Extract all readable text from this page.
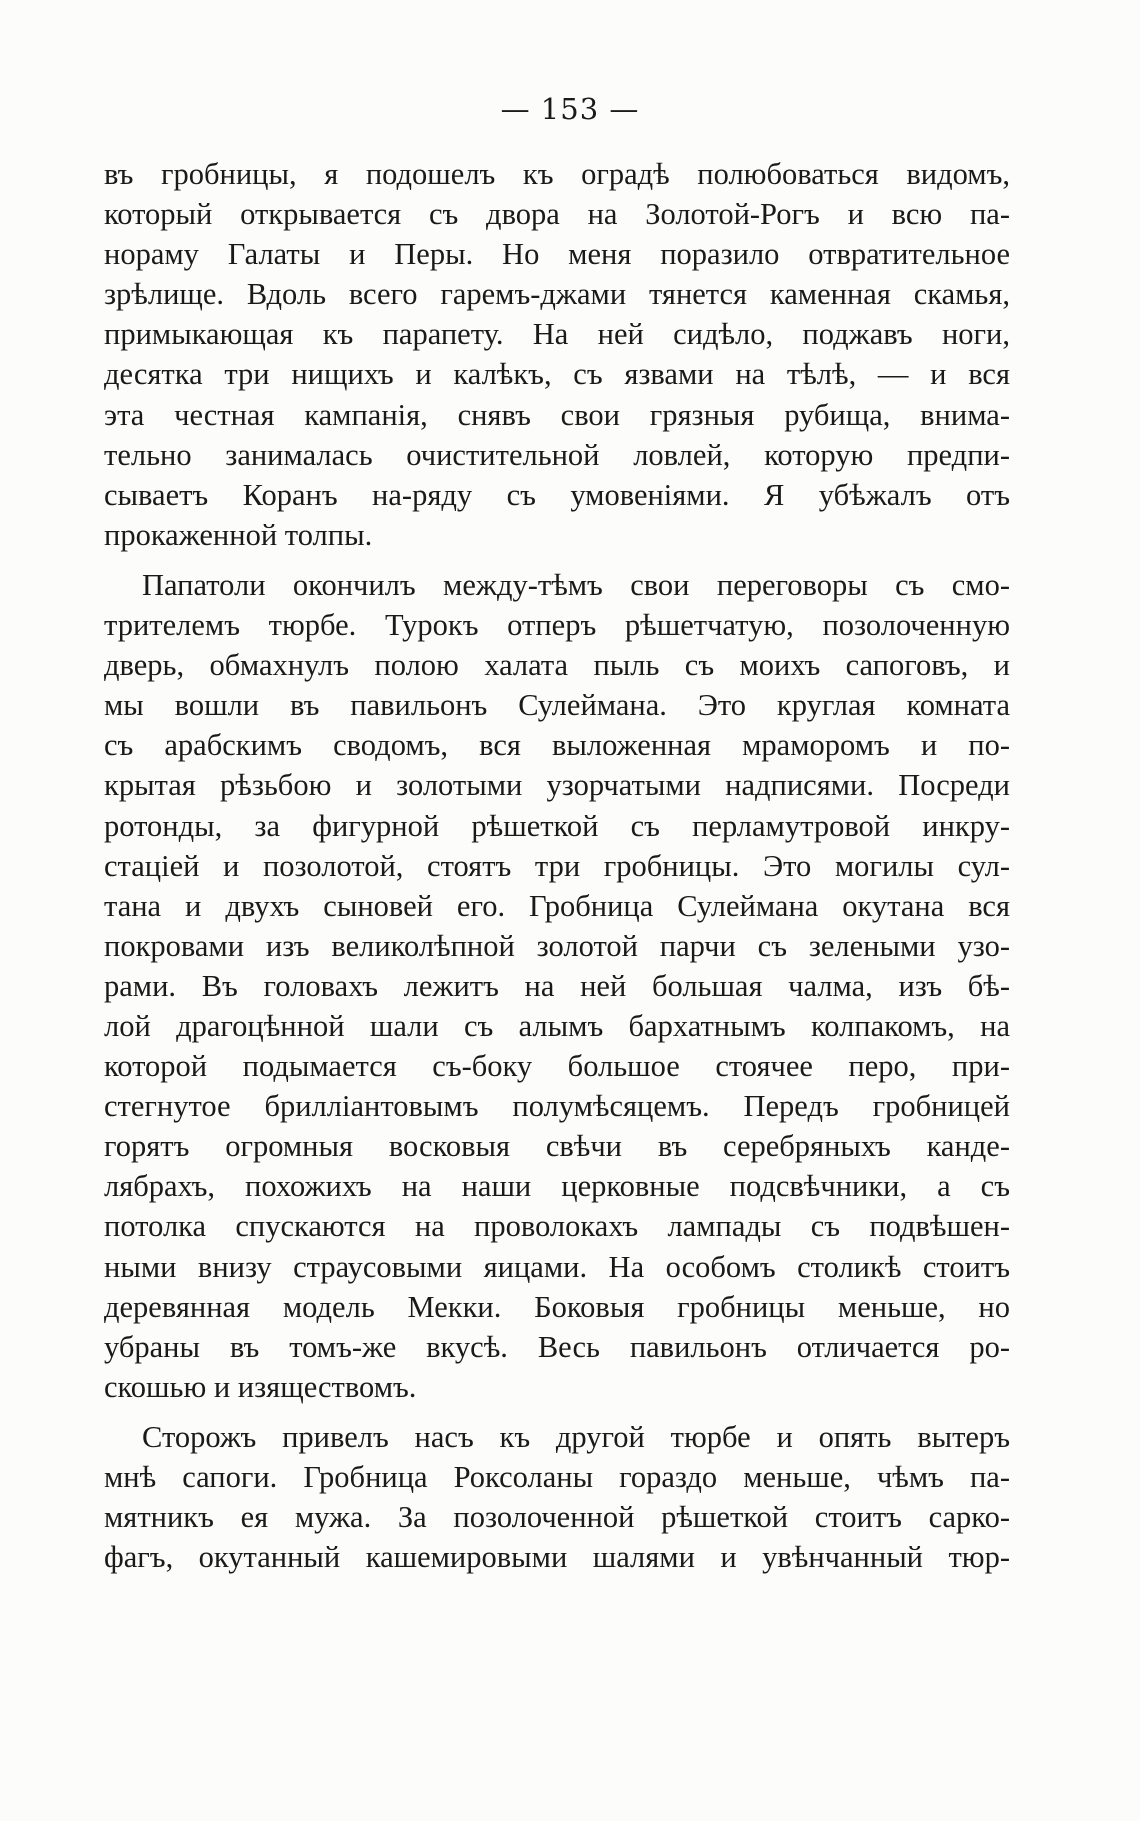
— 153 —
въ гробницы, я подошелъ къ оградѣ полюбоваться видомъ,
который открывается съ двора на Золотой-Рогъ и всю па-
нораму Галаты и Перы. Но меня поразило отвратительное
зрѣлище. Вдоль всего гаремъ-джами тянется каменная скамья,
примыкающая къ парапету. На ней сидѣло, поджавъ ноги,
десятка три нищихъ и калѣкъ, съ язвами на тѣлѣ, — и вся
эта честная кампанія, снявъ свои грязныя рубища, внима-
тельно занималась очистительной ловлей, которую предпи-
сываетъ Коранъ на-ряду съ умовеніями. Я убѣжалъ отъ
прокаженной толпы.
Папатоли окончилъ между-тѣмъ свои переговоры съ смо-
трителемъ тюрбе. Турокъ отперъ рѣшетчатую, позолоченную
дверь, обмахнулъ полою халата пыль съ моихъ сапоговъ, и
мы вошли въ павильонъ Сулеймана. Это круглая комната
съ арабскимъ сводомъ, вся выложенная мраморомъ и по-
крытая рѣзьбою и золотыми узорчатыми надписями. Посреди
ротонды, за фигурной рѣшеткой съ перламутровой инкру-
стаціей и позолотой, стоятъ три гробницы. Это могилы сул-
тана и двухъ сыновей его. Гробница Сулеймана окутана вся
покровами изъ великолѣпной золотой парчи съ зелеными узо-
рами. Въ головахъ лежитъ на ней большая чалма, изъ бѣ-
лой драгоцѣнной шали съ алымъ бархатнымъ колпакомъ, на
которой подымается съ-боку большое стоячее перо, при-
стегнутое брилліантовымъ полумѣсяцемъ. Передъ гробницей
горятъ огромныя восковыя свѣчи въ серебряныхъ канде-
лябрахъ, похожихъ на наши церковные подсвѣчники, а съ
потолка спускаются на проволокахъ лампады съ подвѣшен-
ными внизу страусовыми яицами. На особомъ столикѣ стоитъ
деревянная модель Мекки. Боковыя гробницы меньше, но
убраны въ томъ-же вкусѣ. Весь павильонъ отличается ро-
скошью и изяществомъ.
Сторожъ привелъ насъ къ другой тюрбе и опять вытеръ
мнѣ сапоги. Гробница Роксоланы гораздо меньше, чѣмъ па-
мятникъ ея мужа. За позолоченной рѣшеткой стоитъ сарко-
фагъ, окутанный кашемировыми шалями и увѣнчанный тюр-
